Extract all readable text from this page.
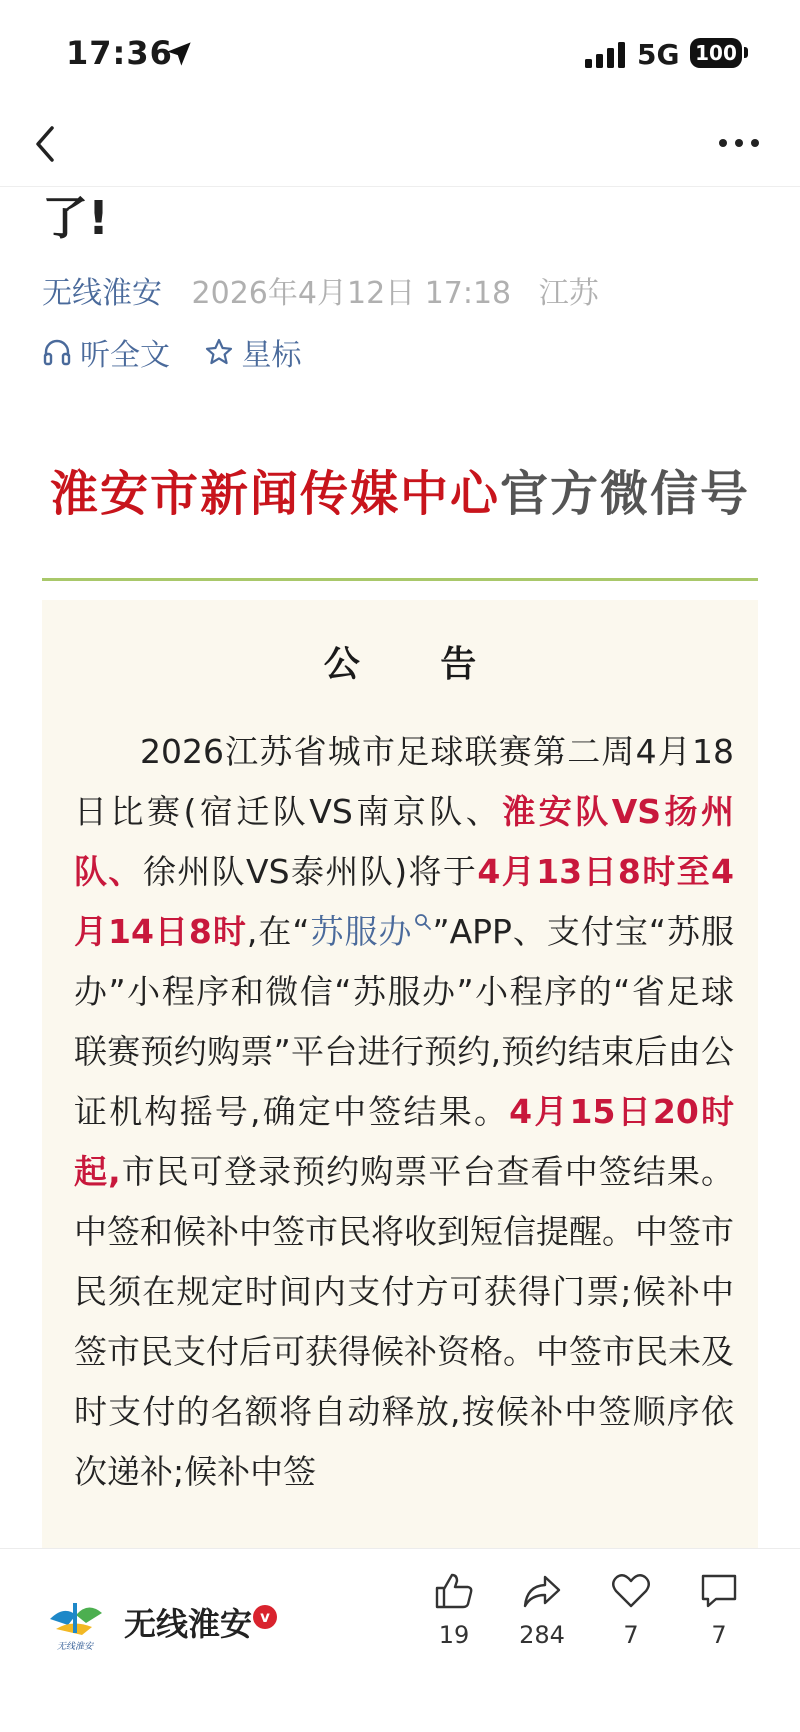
17:36	5G 100
了!
无线淮安 2026年4月12日 17:18 江苏
听全文
星标
淮安市新闻传媒中心官方微信号
公 告

2026江苏省城市足球联赛第二周4月18日比赛(宿迁队VS南京队、淮安队VS扬州队、徐州队VS泰州队)将于4月13日8时至4月14日8时,在“苏服办 ”APP、支付宝“苏服办”小程序和微信“苏服办”小程序的“省足球联赛预约购票”平台进行预约,预约结束后由公证机构摇号,确定中签结果。4月15日20时起,市民可登录预约购票平台查看中签结果。中签和候补中签市民将收到短信提醒。中签市民须在规定时间内支付方可获得门票;候补中签市民支付后可获得候补资格。中签市民未及时支付的名额将自动释放,按候补中签顺序依次递补;候补中签

无线淮安
无线淮安 v
19	284	7	7
